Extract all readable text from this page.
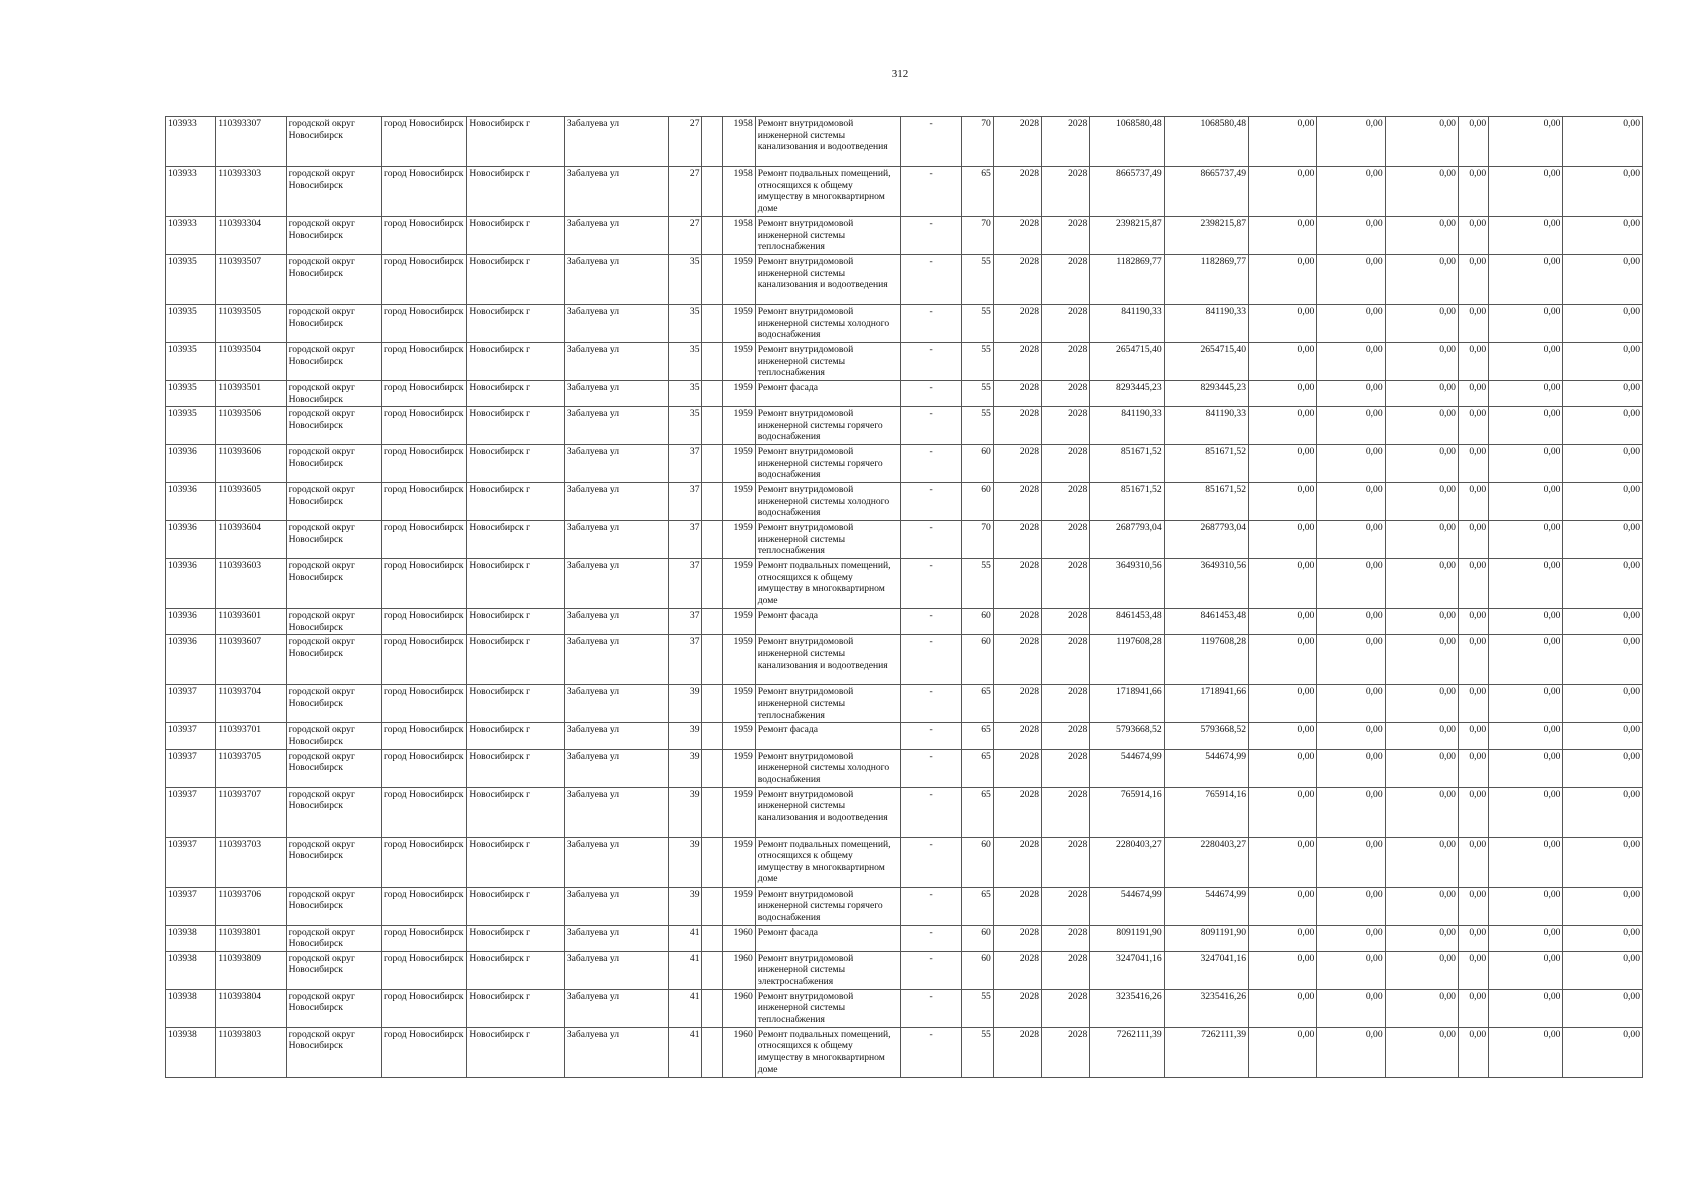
312
103933	110393307	городской округ Новосибирск	город Новосибирск	Новосибирск г	Забалуева ул	27		1958	Ремонт внутридомовой инженерной системы канализования и водоотведения	-	70	2028	2028	1068580,48	1068580,48	0,00	0,00	0,00	0,00	0,00	0,00
103933	110393303	городской округ Новосибирск	город Новосибирск	Новосибирск г	Забалуева ул	27		1958	Ремонт подвальных помещений, относящихся к общему имуществу в многоквартирном доме	-	65	2028	2028	8665737,49	8665737,49	0,00	0,00	0,00	0,00	0,00	0,00
103933	110393304	городской округ Новосибирск	город Новосибирск	Новосибирск г	Забалуева ул	27		1958	Ремонт внутридомовой инженерной системы теплоснабжения	-	70	2028	2028	2398215,87	2398215,87	0,00	0,00	0,00	0,00	0,00	0,00
103935	110393507	городской округ Новосибирск	город Новосибирск	Новосибирск г	Забалуева ул	35		1959	Ремонт внутридомовой инженерной системы канализования и водоотведения	-	55	2028	2028	1182869,77	1182869,77	0,00	0,00	0,00	0,00	0,00	0,00
103935	110393505	городской округ Новосибирск	город Новосибирск	Новосибирск г	Забалуева ул	35		1959	Ремонт внутридомовой инженерной системы холодного водоснабжения	-	55	2028	2028	841190,33	841190,33	0,00	0,00	0,00	0,00	0,00	0,00
103935	110393504	городской округ Новосибирск	город Новосибирск	Новосибирск г	Забалуева ул	35		1959	Ремонт внутридомовой инженерной системы теплоснабжения	-	55	2028	2028	2654715,40	2654715,40	0,00	0,00	0,00	0,00	0,00	0,00
103935	110393501	городской округ Новосибирск	город Новосибирск	Новосибирск г	Забалуева ул	35		1959	Ремонт фасада	-	55	2028	2028	8293445,23	8293445,23	0,00	0,00	0,00	0,00	0,00	0,00
103935	110393506	городской округ Новосибирск	город Новосибирск	Новосибирск г	Забалуева ул	35		1959	Ремонт внутридомовой инженерной системы горячего водоснабжения	-	55	2028	2028	841190,33	841190,33	0,00	0,00	0,00	0,00	0,00	0,00
103936	110393606	городской округ Новосибирск	город Новосибирск	Новосибирск г	Забалуева ул	37		1959	Ремонт внутридомовой инженерной системы горячего водоснабжения	-	60	2028	2028	851671,52	851671,52	0,00	0,00	0,00	0,00	0,00	0,00
103936	110393605	городской округ Новосибирск	город Новосибирск	Новосибирск г	Забалуева ул	37		1959	Ремонт внутридомовой инженерной системы холодного водоснабжения	-	60	2028	2028	851671,52	851671,52	0,00	0,00	0,00	0,00	0,00	0,00
103936	110393604	городской округ Новосибирск	город Новосибирск	Новосибирск г	Забалуева ул	37		1959	Ремонт внутридомовой инженерной системы теплоснабжения	-	70	2028	2028	2687793,04	2687793,04	0,00	0,00	0,00	0,00	0,00	0,00
103936	110393603	городской округ Новосибирск	город Новосибирск	Новосибирск г	Забалуева ул	37		1959	Ремонт подвальных помещений, относящихся к общему имуществу в многоквартирном доме	-	55	2028	2028	3649310,56	3649310,56	0,00	0,00	0,00	0,00	0,00	0,00
103936	110393601	городской округ Новосибирск	город Новосибирск	Новосибирск г	Забалуева ул	37		1959	Ремонт фасада	-	60	2028	2028	8461453,48	8461453,48	0,00	0,00	0,00	0,00	0,00	0,00
103936	110393607	городской округ Новосибирск	город Новосибирск	Новосибирск г	Забалуева ул	37		1959	Ремонт внутридомовой инженерной системы канализования и водоотведения	-	60	2028	2028	1197608,28	1197608,28	0,00	0,00	0,00	0,00	0,00	0,00
103937	110393704	городской округ Новосибирск	город Новосибирск	Новосибирск г	Забалуева ул	39		1959	Ремонт внутридомовой инженерной системы теплоснабжения	-	65	2028	2028	1718941,66	1718941,66	0,00	0,00	0,00	0,00	0,00	0,00
103937	110393701	городской округ Новосибирск	город Новосибирск	Новосибирск г	Забалуева ул	39		1959	Ремонт фасада	-	65	2028	2028	5793668,52	5793668,52	0,00	0,00	0,00	0,00	0,00	0,00
103937	110393705	городской округ Новосибирск	город Новосибирск	Новосибирск г	Забалуева ул	39		1959	Ремонт внутридомовой инженерной системы холодного водоснабжения	-	65	2028	2028	544674,99	544674,99	0,00	0,00	0,00	0,00	0,00	0,00
103937	110393707	городской округ Новосибирск	город Новосибирск	Новосибирск г	Забалуева ул	39		1959	Ремонт внутридомовой инженерной системы канализования и водоотведения	-	65	2028	2028	765914,16	765914,16	0,00	0,00	0,00	0,00	0,00	0,00
103937	110393703	городской округ Новосибирск	город Новосибирск	Новосибирск г	Забалуева ул	39		1959	Ремонт подвальных помещений, относящихся к общему имуществу в многоквартирном доме	-	60	2028	2028	2280403,27	2280403,27	0,00	0,00	0,00	0,00	0,00	0,00
103937	110393706	городской округ Новосибирск	город Новосибирск	Новосибирск г	Забалуева ул	39		1959	Ремонт внутридомовой инженерной системы горячего водоснабжения	-	65	2028	2028	544674,99	544674,99	0,00	0,00	0,00	0,00	0,00	0,00
103938	110393801	городской округ Новосибирск	город Новосибирск	Новосибирск г	Забалуева ул	41		1960	Ремонт фасада	-	60	2028	2028	8091191,90	8091191,90	0,00	0,00	0,00	0,00	0,00	0,00
103938	110393809	городской округ Новосибирск	город Новосибирск	Новосибирск г	Забалуева ул	41		1960	Ремонт внутридомовой инженерной системы электроснабжения	-	60	2028	2028	3247041,16	3247041,16	0,00	0,00	0,00	0,00	0,00	0,00
103938	110393804	городской округ Новосибирск	город Новосибирск	Новосибирск г	Забалуева ул	41		1960	Ремонт внутридомовой инженерной системы теплоснабжения	-	55	2028	2028	3235416,26	3235416,26	0,00	0,00	0,00	0,00	0,00	0,00
103938	110393803	городской округ Новосибирск	город Новосибирск	Новосибирск г	Забалуева ул	41		1960	Ремонт подвальных помещений, относящихся к общему имуществу в многоквартирном доме	-	55	2028	2028	7262111,39	7262111,39	0,00	0,00	0,00	0,00	0,00	0,00
